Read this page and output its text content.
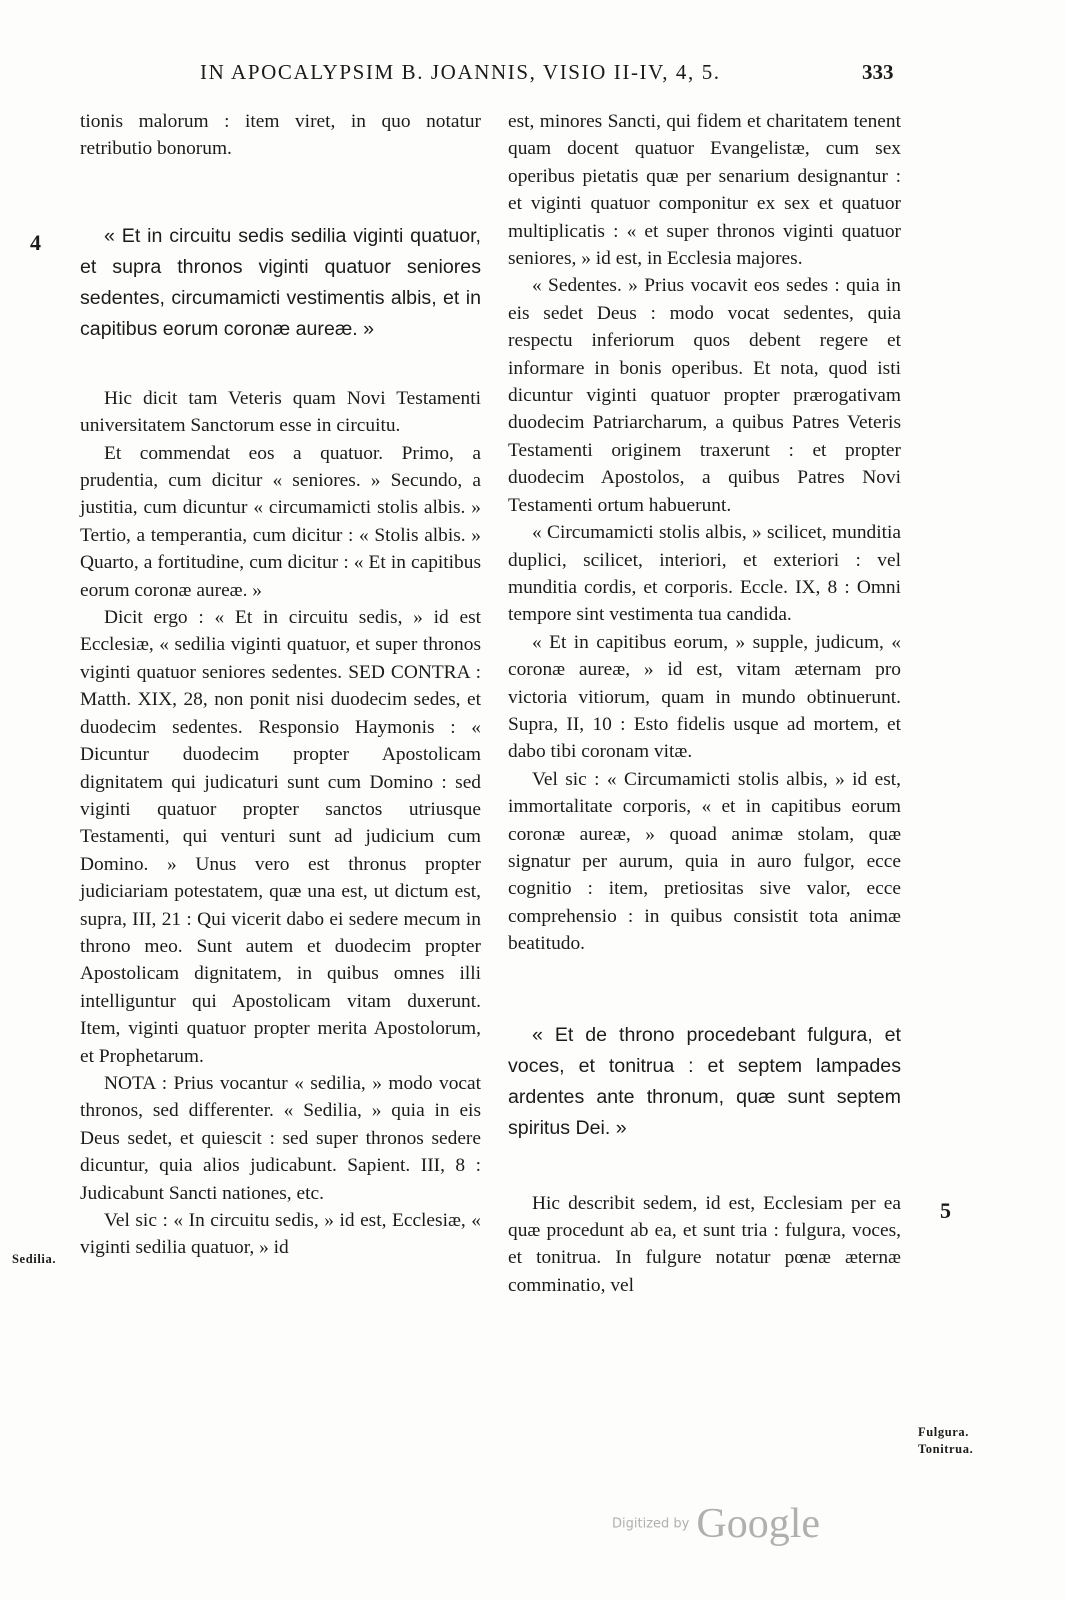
IN APOCALYPSIM B. JOANNIS, VISIO II-IV, 4, 5.	333
4
5
Sedilia.
Fulgura.
Tonitrua.

tionis malorum : item viret, in quo notatur retributio bonorum.

« Et in circuitu sedis sedilia viginti quatuor, et supra thronos viginti quatuor seniores sedentes, circumamicti vestimentis albis, et in capitibus eorum coronæ aureæ. »

Hic dicit tam Veteris quam Novi Testamenti universitatem Sanctorum esse in circuitu.

Et commendat eos a quatuor. Primo, a prudentia, cum dicitur « seniores. » Secundo, a justitia, cum dicuntur « circumamicti stolis albis. » Tertio, a temperantia, cum dicitur : « Stolis albis. » Quarto, a fortitudine, cum dicitur : « Et in capitibus eorum coronæ aureæ. »

Dicit ergo : « Et in circuitu sedis, » id est Ecclesiæ, « sedilia viginti quatuor, et super thronos viginti quatuor seniores sedentes. SED CONTRA : Matth. XIX, 28, non ponit nisi duodecim sedes, et duodecim sedentes. Responsio Haymonis : « Dicuntur duodecim propter Apostolicam dignitatem qui judicaturi sunt cum Domino : sed viginti quatuor propter sanctos utriusque Testamenti, qui venturi sunt ad judicium cum Domino. » Unus vero est thronus propter judiciariam potestatem, quæ una est, ut dictum est, supra, III, 21 : Qui vicerit dabo ei sedere mecum in throno meo. Sunt autem et duodecim propter Apostolicam dignitatem, in quibus omnes illi intelliguntur qui Apostolicam vitam duxerunt. Item, viginti quatuor propter merita Apostolorum, et Prophetarum.

NOTA : Prius vocantur « sedilia, » modo vocat thronos, sed differenter. « Sedilia, » quia in eis Deus sedet, et quiescit : sed super thronos sedere dicuntur, quia alios judicabunt. Sapient. III, 8 : Judicabunt Sancti nationes, etc.

Vel sic : « In circuitu sedis, » id est, Ecclesiæ, « viginti sedilia quatuor, » id

est, minores Sancti, qui fidem et charitatem tenent quam docent quatuor Evangelistæ, cum sex operibus pietatis quæ per senarium designantur : et viginti quatuor componitur ex sex et quatuor multiplicatis : « et super thronos viginti quatuor seniores, » id est, in Ecclesia majores.

« Sedentes. » Prius vocavit eos sedes : quia in eis sedet Deus : modo vocat sedentes, quia respectu inferiorum quos debent regere et informare in bonis operibus. Et nota, quod isti dicuntur viginti quatuor propter prærogativam duodecim Patriarcharum, a quibus Patres Veteris Testamenti originem traxerunt : et propter duodecim Apostolos, a quibus Patres Novi Testamenti ortum habuerunt.

« Circumamicti stolis albis, » scilicet, munditia duplici, scilicet, interiori, et exteriori : vel munditia cordis, et corporis. Eccle. IX, 8 : Omni tempore sint vestimenta tua candida.

« Et in capitibus eorum, » supple, judicum, « coronæ aureæ, » id est, vitam æternam pro victoria vitiorum, quam in mundo obtinuerunt. Supra, II, 10 : Esto fidelis usque ad mortem, et dabo tibi coronam vitæ.

Vel sic : « Circumamicti stolis albis, » id est, immortalitate corporis, « et in capitibus eorum coronæ aureæ, » quoad animæ stolam, quæ signatur per aurum, quia in auro fulgor, ecce cognitio : item, pretiositas sive valor, ecce comprehensio : in quibus consistit tota animæ beatitudo.

« Et de throno procedebant fulgura, et voces, et tonitrua : et septem lampades ardentes ante thronum, quæ sunt septem spiritus Dei. »

Hic describit sedem, id est, Ecclesiam per ea quæ procedunt ab ea, et sunt tria : fulgura, voces, et tonitrua. In fulgure notatur pœnæ æternæ comminatio, vel

Digitized by Google
